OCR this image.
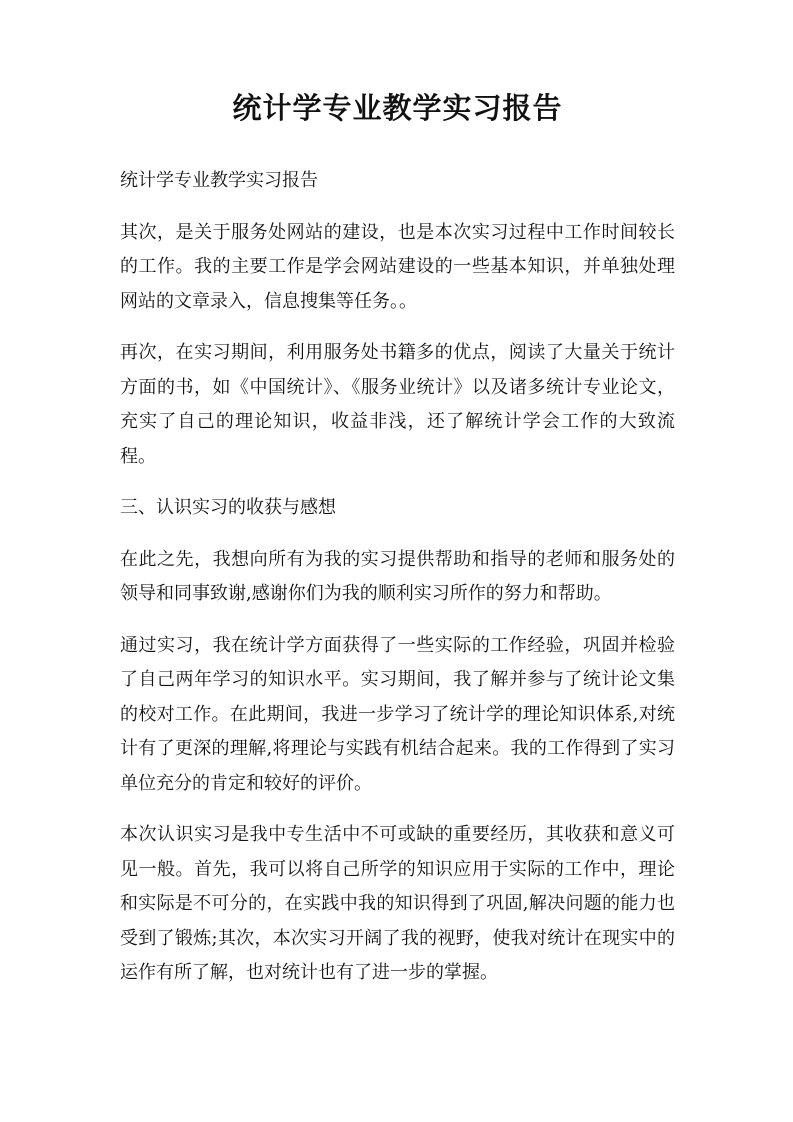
统计学专业教学实习报告

统计学专业教学实习报告

其次，是关于服务处网站的建设，也是本次实习过程中工作时间较长的工作。我的主要工作是学会网站建设的一些基本知识，并单独处理网站的文章录入，信息搜集等任务。。

再次，在实习期间，利用服务处书籍多的优点，阅读了大量关于统计方面的书，如《中国统计》、《服务业统计》以及诸多统计专业论文，充实了自己的理论知识，收益非浅，还了解统计学会工作的大致流程。

三、认识实习的收获与感想

在此之先，我想向所有为我的实习提供帮助和指导的老师和服务处的领导和同事致谢,感谢你们为我的顺利实习所作的努力和帮助。

通过实习，我在统计学方面获得了一些实际的工作经验，巩固并检验了自己两年学习的知识水平。实习期间，我了解并参与了统计论文集的校对工作。在此期间，我进一步学习了统计学的理论知识体系,对统计有了更深的理解,将理论与实践有机结合起来。我的工作得到了实习单位充分的肯定和较好的评价。

本次认识实习是我中专生活中不可或缺的重要经历，其收获和意义可见一般。首先，我可以将自己所学的知识应用于实际的工作中，理论和实际是不可分的，在实践中我的知识得到了巩固,解决问题的能力也受到了锻炼;其次，本次实习开阔了我的视野，使我对统计在现实中的运作有所了解，也对统计也有了进一步的掌握。
